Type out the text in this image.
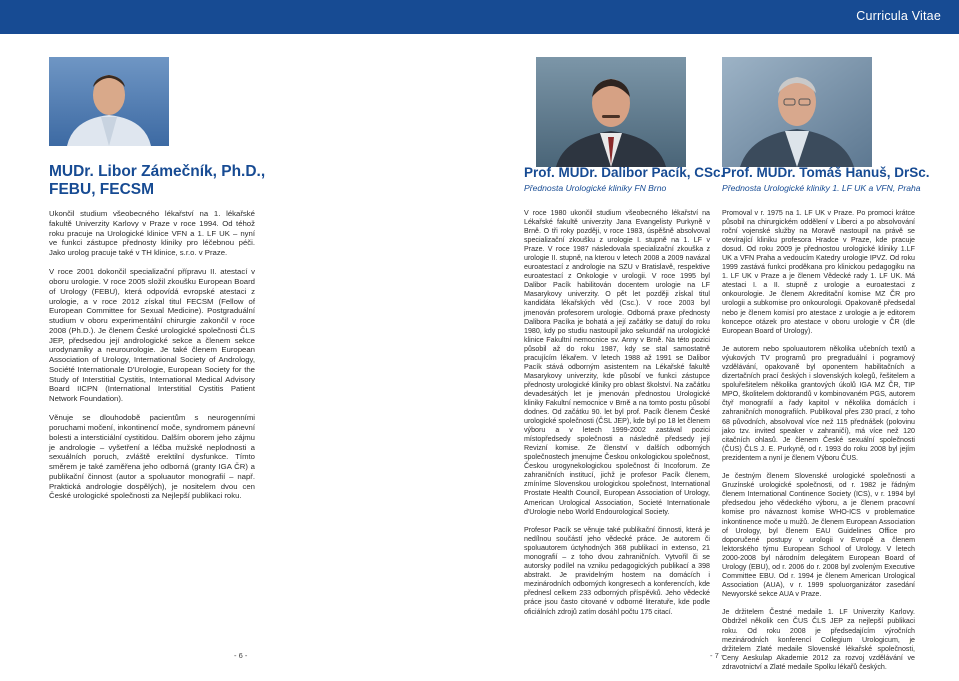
Curricula Vitae
MUDr. Libor Zámečník, Ph.D.,
FEBU, FECSM
Prof. MUDr. Dalibor Pacík, CSc.
Přednosta Urologické kliniky FN Brno
Prof. MUDr. Tomáš Hanuš, DrSc.
Přednosta Urologické kliniky 1. LF UK a VFN, Praha

Ukončil studium všeobecného lékařství na 1. lékařské fakultě Univerzity Karlovy v Praze v roce 1994. Od téhož roku pracuje na Urologické klinice VFN a 1. LF UK – nyní ve funkci zástupce přednosty kliniky pro léčebnou péči. Jako urolog pracuje také v TH klinice, s.r.o. v Praze.

V roce 2001 dokončil specializační přípravu II. atestací v oboru urologie. V roce 2005 složil zkoušku European Board of Urology (FEBU), která odpovídá evropské atestaci z urologie, a v roce 2012 získal titul FECSM (Fellow of European Committee for Sexual Medicine). Postgraduální studium v oboru experimentální chirurgie zakončil v roce 2008 (Ph.D.). Je členem České urologické společnosti ČLS JEP, předsedou její andrologické sekce a členem sekce urodynamiky a neurourologie. Je také členem European Association of Urology, International Society of Andrology, Société Internationale D'Urologie, European Society for the Study of Interstitial Cystitis, International Medical Advisory Board IICPN (International Interstitial Cystitis Patient Network Foundation).

Věnuje se dlouhodobě pacientům s neurogenními poruchami močení, inkontinencí moče, syndromem pánevní bolesti a intersticiální cystitidou. Dalším oborem jeho zájmu je andrologie – vyšetření a léčba mužské neplodnosti a sexuálních poruch, zvláště erektilní dysfunkce. Tímto směrem je také zaměřena jeho odborná (granty IGA ČR) a publikační činnost (autor a spoluautor monografií – např. Praktická andrologie dospělých), je nositelem dvou cen České urologické společnosti za Nejlepší publikaci roku.

V roce 1980 ukončil studium všeobecného lékařství na Lékařské fakultě univerzity Jana Evangelisty Purkyně v Brně. O tři roky později, v roce 1983, úspěšně absolvoval specializační zkoušku z urologie I. stupně na 1. LF v Praze. V roce 1987 následovala specializační zkouška z urologie II. stupně, na kterou v letech 2008 a 2009 navázal euroatestací z andrologie na SZU v Bratislavě, respektive euroatestací z Onkologie v urologii. V roce 1995 byl Dalibor Pacík habilitován docentem urologie na LF Masarykovy univerzity. O pět let později získal titul kandidáta lékařských věd (Csc.). V roce 2003 byl jmenován profesorem urologie. Odborná praxe přednosty Dalibora Pacíka je bohatá a její začátky se datují do roku 1980, kdy po studiu nastoupil jako sekundář na urologické klinice Fakultní nemocnice sv. Anny v Brně. Na této pozici působil až do roku 1987, kdy se stal samostatně pracujícím lékařem. V letech 1988 až 1991 se Dalibor Pacík stává odborným asistentem na Lékařské fakultě Masarykovy univerzity, kde působí ve funkci zástupce přednosty urologické kliniky pro oblast školství. Na začátku devadesátých let je jmenován přednostou Urologické kliniky Fakultní nemocnice v Brně a na tomto postu působí dodnes. Od začátku 90. let byl prof. Pacík členem České urologické společnosti (ČSL JEP), kde byl po 18 let členem výboru a v letech 1999-2002 zastával pozici místopředsedy společnosti a následně předsedy její Revizní komise. Ze členství v dalších odborných společnostech jmenujme Českou onkologickou společnost, Českou urogynekologickou společnost či Incoforum. Ze zahraničních institucí, jichž je profesor Pacík členem, zmíníme Slovenskou urologickou společnost, International Prostate Health Council, European Association of Urology, American Urological Association, Societé Internationale d'Urologie nebo World Endourological Society.

Profesor Pacík se věnuje také publikační činnosti, která je nedílnou součástí jeho vědecké práce. Je autorem či spoluautorem úctyhodných 368 publikací in extenso, 21 monografií – z toho dvou zahraničních. Vytvořil či se autorsky podílel na vzniku pedagogických publikací a 398 abstrakt. Je pravidelným hostem na domácích i mezinárodních odborných kongresech a konferencích, kde přednesl celkem 233 odborných příspěvků. Jeho vědecké práce jsou často citované v odborné literatuře, kde podle oficiálních zdrojů zatím dosáhl počtu 175 citací.

Promoval v r. 1975 na 1. LF UK v Praze. Po promoci krátce působil na chirurgickém oddělení v Liberci a po absolvování roční vojenské služby na Moravě nastoupil na právě se otevírající kliniku profesora Hradce v Praze, kde pracuje dosud. Od roku 2009 je přednostou urologické kliniky 1.LF UK a VFN Praha a vedoucím Katedry urologie IPVZ. Od roku 1999 zastává funkci proděkana pro klinickou pedagogiku na 1. LF UK v Praze a je členem Vědecké rady 1. LF UK. Má atestaci I. a II. stupně z urologie a euroatestaci z onkourologie. Je členem Akreditační komise MZ ČR pro urologii a subkomise pro onkourologii. Opakovaně předsedal nebo je členem komisí pro atestace z urologie a je editorem koncepce otázek pro atestace v oboru urologie v ČR (dle European Board of Urology).

Je autorem nebo spoluautorem několika učebních textů a výukových TV programů pro pregraduální i pogramový vzdělávání, opakovaně byl oponentem habilitačních a dizertačních prací českých i slovenských kolegů, řešitelem a spoluřešitelem několika grantových úkolů IGA MZ ČR, TIP MPO, školitelem doktorandů v kombinovaném PGS, autorem čtyř monografií a řady kapitol v několika domácích i zahraničních monografiích. Publikoval přes 230 prací, z toho 68 původních, absolvoval více než 115 přednášek (polovinu jako tzv. invited speaker v zahraničí), má více než 120 citačních ohlasů. Je členem České sexuální společnosti (ČUS) ČLS J. E. Purkyně, od r. 1993 do roku 2008 byl jejím prezidentem a nyní je členem Výboru ČUS.

Je čestným členem Slovenské urologické společnosti a Gruzínské urologické společnosti, od r. 1982 je řádným členem International Continence Society (ICS), v r. 1994 byl předsedou jeho vědeckého výboru, a je členem pracovní komise pro návaznost komise WHO-ICS v problematice inkontinence moče u mužů. Je členem European Association of Urology, byl členem EAU Guidelines Office pro doporučené postupy v urologii v Evropě a členem lektorského týmu European School of Urology. V letech 2000-2008 byl národním delegátem European Board of Urology (EBU), od r. 2006 do r. 2008 byl zvoleným Executive Committee EBU. Od r. 1994 je členem American Urological Association (AUA), v r. 1999 spoluorganizátor zasedání Newyorské sekce AUA v Praze.

Je držitelem Čestné medaile 1. LF Univerzity Karlovy. Obdržel několik cen ČUS ČLS JEP za nejlepší publikaci roku. Od roku 2008 je předsedajícím výročních mezinárodních konferencí Collegium Urologicum, je držitelem Zlaté medaile Slovenské lékařské společnosti, Ceny Aeskulap Akademie 2012 za rozvoj vzdělávání ve zdravotnictví a Zlaté medaile Spolku lékařů českých.

- 6 -	- 7 -
